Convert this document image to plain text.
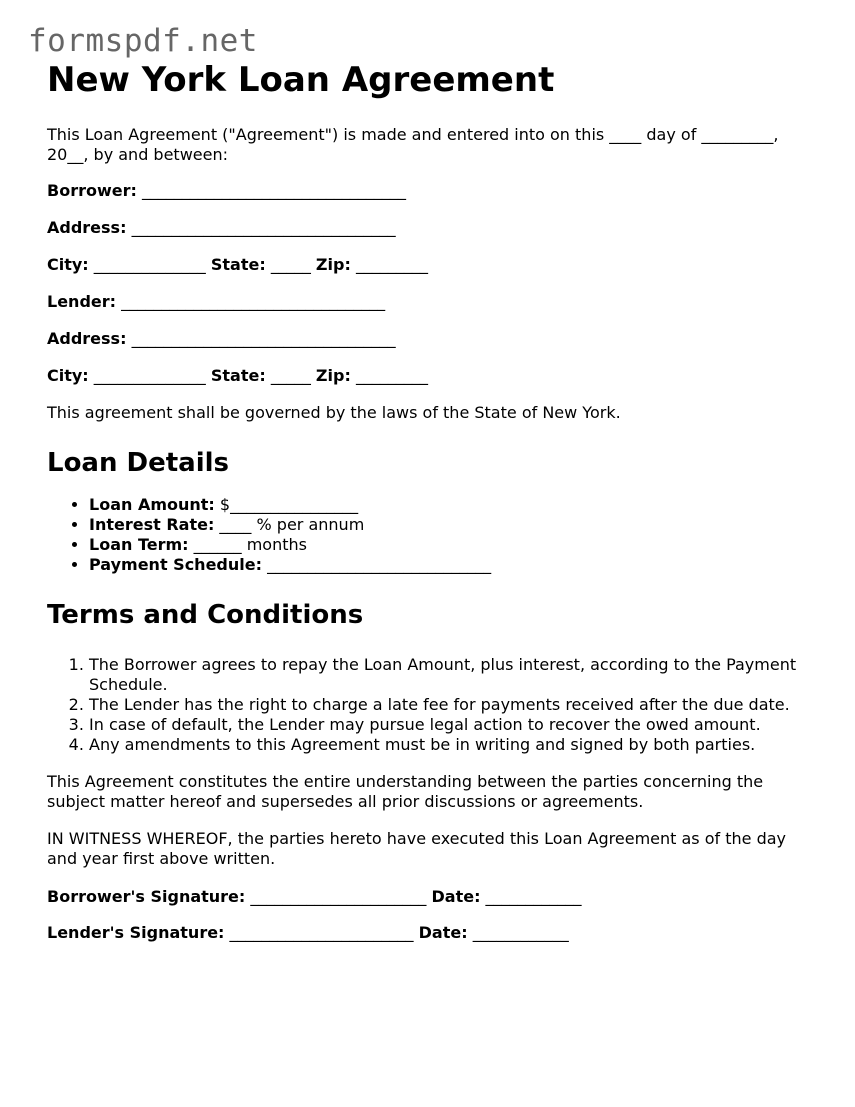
formspdf.net
New York Loan Agreement

This Loan Agreement ("Agreement") is made and entered into on this ____ day of _________, 20__, by and between:

Borrower: _________________________________
Address: _________________________________
City: ______________ State: _____ Zip: _________
Lender: _________________________________
Address: _________________________________
City: ______________ State: _____ Zip: _________

This agreement shall be governed by the laws of the State of New York.

Loan Details
• Loan Amount: $________________
• Interest Rate: ____ % per annum
• Loan Term: ______ months
• Payment Schedule: ____________________________
Terms and Conditions
1. The Borrower agrees to repay the Loan Amount, plus interest, according to the Payment Schedule.
2. The Lender has the right to charge a late fee for payments received after the due date.
3. In case of default, the Lender may pursue legal action to recover the owed amount.
4. Any amendments to this Agreement must be in writing and signed by both parties.

This Agreement constitutes the entire understanding between the parties concerning the subject matter hereof and supersedes all prior discussions or agreements.

IN WITNESS WHEREOF, the parties hereto have executed this Loan Agreement as of the day and year first above written.

Borrower's Signature: ______________________ Date: ____________
Lender's Signature: _______________________ Date: ____________
